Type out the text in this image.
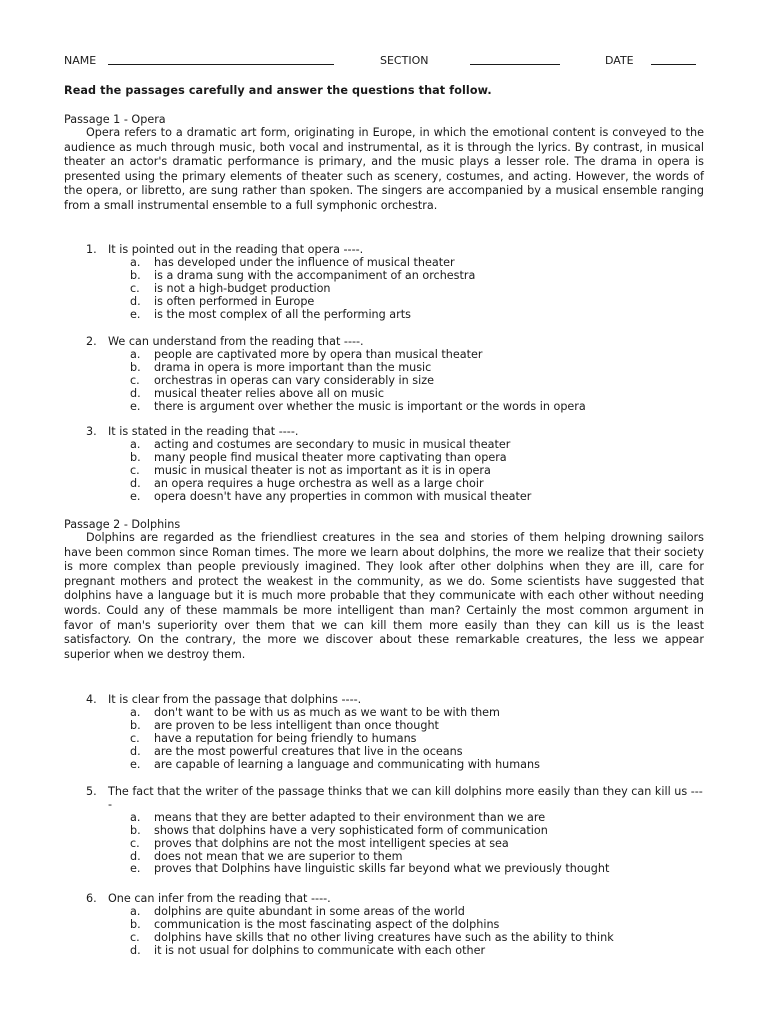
NAME	SECTION	DATE
Read the passages carefully and answer the questions that follow.
Passage 1 - Opera

Opera refers to a dramatic art form, originating in Europe, in which the emotional content is conveyed to the audience as much through music, both vocal and instrumental, as it is through the lyrics. By contrast, in musical theater an actor's dramatic performance is primary, and the music plays a lesser role. The drama in opera is presented using the primary elements of theater such as scenery, costumes, and acting. However, the words of the opera, or libretto, are sung rather than spoken. The singers are accompanied by a musical ensemble ranging from a small instrumental ensemble to a full symphonic orchestra.

1.	It is pointed out in the reading that opera ----.
a.	has developed under the influence of musical theater
b.	is a drama sung with the accompaniment of an orchestra
c.	is not a high-budget production
d.	is often performed in Europe
e.	is the most complex of all the performing arts
2.	We can understand from the reading that ----.
a.	people are captivated more by opera than musical theater
b.	drama in opera is more important than the music
c.	orchestras in operas can vary considerably in size
d.	musical theater relies above all on music
e.	there is argument over whether the music is important or the words in opera
3.	It is stated in the reading that ----.
a.	acting and costumes are secondary to music in musical theater
b.	many people find musical theater more captivating than opera
c.	music in musical theater is not as important as it is in opera
d.	an opera requires a huge orchestra as well as a large choir
e.	opera doesn't have any properties in common with musical theater
Passage 2 - Dolphins

Dolphins are regarded as the friendliest creatures in the sea and stories of them helping drowning sailors have been common since Roman times. The more we learn about dolphins, the more we realize that their society is more complex than people previously imagined. They look after other dolphins when they are ill, care for pregnant mothers and protect the weakest in the community, as we do. Some scientists have suggested that dolphins have a language but it is much more probable that they communicate with each other without needing words. Could any of these mammals be more intelligent than man? Certainly the most common argument in favor of man's superiority over them that we can kill them more easily than they can kill us is the least satisfactory. On the contrary, the more we discover about these remarkable creatures, the less we appear superior when we destroy them.

4.	It is clear from the passage that dolphins ----.
a.	don't want to be with us as much as we want to be with them
b.	are proven to be less intelligent than once thought
c.	have a reputation for being friendly to humans
d.	are the most powerful creatures that live in the oceans
e.	are capable of learning a language and communicating with humans
5.	The fact that the writer of the passage thinks that we can kill dolphins more easily than they can kill us ----
a.	means that they are better adapted to their environment than we are
b.	shows that dolphins have a very sophisticated form of communication
c.	proves that dolphins are not the most intelligent species at sea
d.	does not mean that we are superior to them
e.	proves that Dolphins have linguistic skills far beyond what we previously thought
6.	One can infer from the reading that ----.
a.	dolphins are quite abundant in some areas of the world
b.	communication is the most fascinating aspect of the dolphins
c.	dolphins have skills that no other living creatures have such as the ability to think
d.	it is not usual for dolphins to communicate with each other
